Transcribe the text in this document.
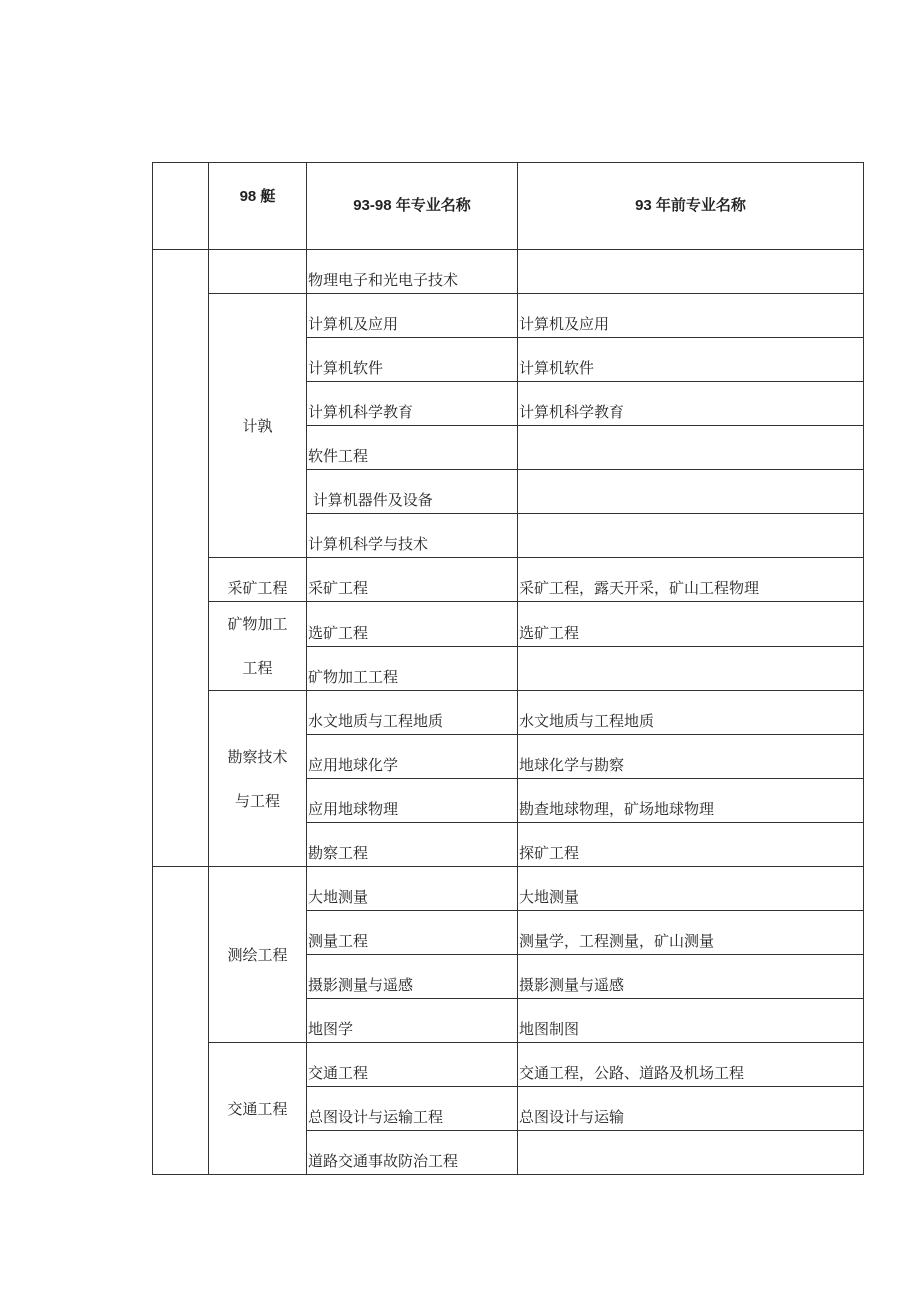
	98 艇	93-98 年专业名称	93 年前专业名称

		物理电子和光电子技术	

	计孰	计算机及应用	计算机及应用

		计算机软件	计算机软件

		计算机科学教育	计算机科学教育

		软件工程	

		计算机器件及设备	

		计算机科学与技术	

	采矿工程	采矿工程	采矿工程，露天开采，矿山工程物理

	矿物加工
工程	选矿工程	选矿工程

		矿物加工工程	

	勘察技术
与工程	水文地质与工程地质	水文地质与工程地质

		应用地球化学	地球化学与勘察

		应用地球物理	勘查地球物理，矿场地球物理

		勘察工程	探矿工程

	测绘工程	大地测量	大地测量

		测量工程	测量学，工程测量，矿山测量

		摄影测量与遥感	摄影测量与遥感

		地图学	地图制图

	交通工程	交通工程	交通工程，公路、道路及机场工程

		总图设计与运输工程	总图设计与运输

		道路交通事故防治工程	
